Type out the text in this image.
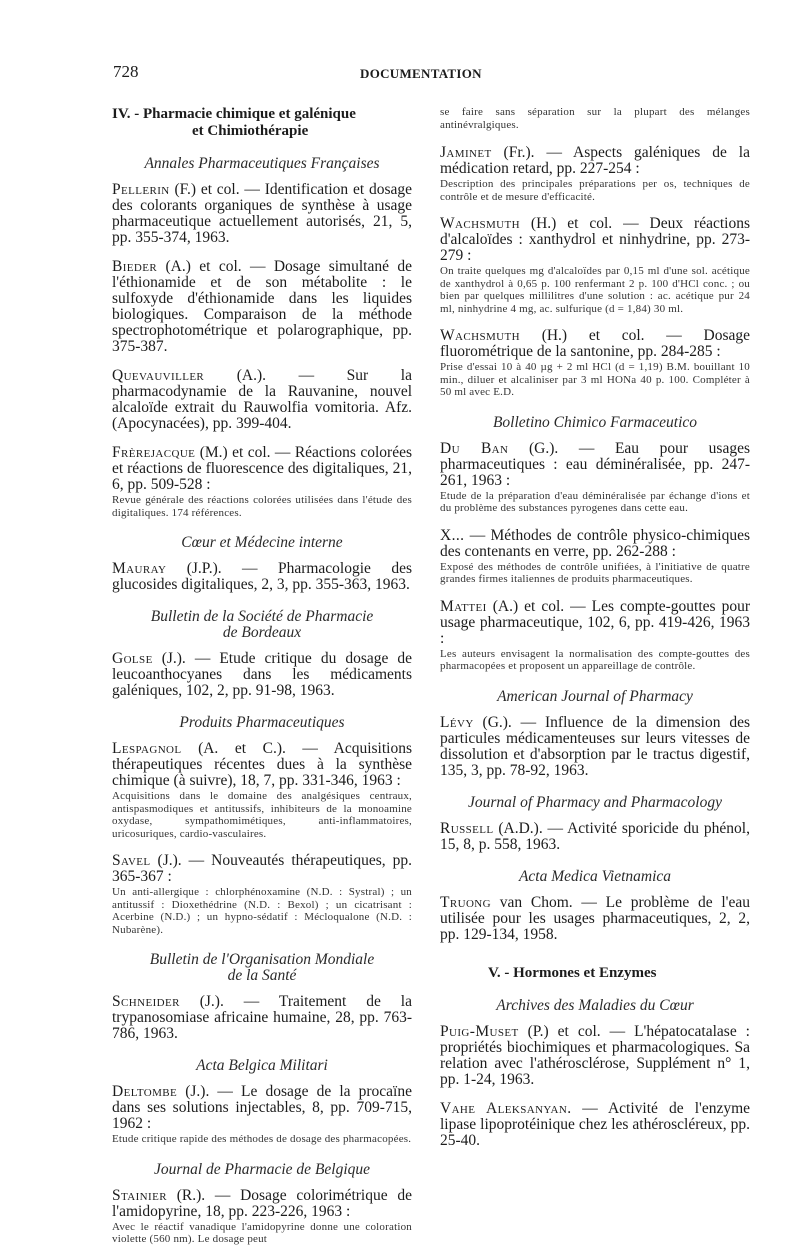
728	DOCUMENTATION
IV. - Pharmacie chimique et galénique
et Chimiothérapie
Annales Pharmaceutiques Françaises
Pellerin (F.) et col. — Identification et dosage des colorants organiques de synthèse à usage pharmaceutique actuellement autorisés, 21, 5, pp. 355-374, 1963.
Bieder (A.) et col. — Dosage simultané de l'éthionamide et de son métabolite : le sulfoxyde d'éthionamide dans les liquides biologiques. Comparaison de la méthode spectrophotométrique et polarographique, pp. 375-387.
Quevauviller (A.). — Sur la pharmacodynamie de la Rauvanine, nouvel alcaloïde extrait du Rauwolfia vomitoria. Afz. (Apocynacées), pp. 399-404.
Frèrejacque (M.) et col. — Réactions colorées et réactions de fluorescence des digitaliques, 21, 6, pp. 509-528 :
Revue générale des réactions colorées utilisées dans l'étude des digitaliques. 174 références.
Cœur et Médecine interne
Mauray (J.P.). — Pharmacologie des glucosides digitaliques, 2, 3, pp. 355-363, 1963.
Bulletin de la Société de Pharmacie
de Bordeaux
Golse (J.). — Etude critique du dosage de leucoanthocyanes dans les médicaments galéniques, 102, 2, pp. 91-98, 1963.
Produits Pharmaceutiques
Lespagnol (A. et C.). — Acquisitions thérapeutiques récentes dues à la synthèse chimique (à suivre), 18, 7, pp. 331-346, 1963 :
Acquisitions dans le domaine des analgésiques centraux, antispasmodiques et antitussifs, inhibiteurs de la monoamine oxydase, sympathomimétiques, anti-inflammatoires, uricosuriques, cardio-vasculaires.
Savel (J.). — Nouveautés thérapeutiques, pp. 365-367 :
Un anti-allergique : chlorphénoxamine (N.D. : Systral) ; un antitussif : Dioxethédrine (N.D. : Bexol) ; un cicatrisant : Acerbine (N.D.) ; un hypno-sédatif : Mécloqualone (N.D. : Nubarène).
Bulletin de l'Organisation Mondiale
de la Santé
Schneider (J.). — Traitement de la trypanosomiase africaine humaine, 28, pp. 763-786, 1963.
Acta Belgica Militari
Deltombe (J.). — Le dosage de la procaïne dans ses solutions injectables, 8, pp. 709-715, 1962 :
Etude critique rapide des méthodes de dosage des pharmacopées.
Journal de Pharmacie de Belgique
Stainier (R.). — Dosage colorimétrique de l'amidopyrine, 18, pp. 223-226, 1963 :
Avec le réactif vanadique l'amidopyrine donne une coloration violette (560 nm). Le dosage peut
se faire sans séparation sur la plupart des mélanges antinévralgiques.
Jaminet (Fr.). — Aspects galéniques de la médication retard, pp. 227-254 :
Description des principales préparations per os, techniques de contrôle et de mesure d'efficacité.
Wachsmuth (H.) et col. — Deux réactions d'alcaloïdes : xanthydrol et ninhydrine, pp. 273-279 :
On traite quelques mg d'alcaloïdes par 0,15 ml d'une sol. acétique de xanthydrol à 0,65 p. 100 renfermant 2 p. 100 d'HCl conc. ; ou bien par quelques millilitres d'une solution : ac. acétique pur 24 ml, ninhydrine 4 mg, ac. sulfurique (d = 1,84) 30 ml.
Wachsmuth (H.) et col. — Dosage fluorométrique de la santonine, pp. 284-285 :
Prise d'essai 10 à 40 µg + 2 ml HCl (d = 1,19) B.M. bouillant 10 min., diluer et alcaliniser par 3 ml HONa 40 p. 100. Compléter à 50 ml avec E.D.
Bolletino Chimico Farmaceutico
Du Ban (G.). — Eau pour usages pharmaceutiques : eau déminéralisée, pp. 247-261, 1963 :
Etude de la préparation d'eau déminéralisée par échange d'ions et du problème des substances pyrogenes dans cette eau.
X... — Méthodes de contrôle physico-chimiques des contenants en verre, pp. 262-288 :
Exposé des méthodes de contrôle unifiées, à l'initiative de quatre grandes firmes italiennes de produits pharmaceutiques.
Mattei (A.) et col. — Les compte-gouttes pour usage pharmaceutique, 102, 6, pp. 419-426, 1963 :
Les auteurs envisagent la normalisation des compte-gouttes des pharmacopées et proposent un appareillage de contrôle.
American Journal of Pharmacy
Lévy (G.). — Influence de la dimension des particules médicamenteuses sur leurs vitesses de dissolution et d'absorption par le tractus digestif, 135, 3, pp. 78-92, 1963.
Journal of Pharmacy and Pharmacology
Russell (A.D.). — Activité sporicide du phénol, 15, 8, p. 558, 1963.
Acta Medica Vietnamica
Truong van Chom. — Le problème de l'eau utilisée pour les usages pharmaceutiques, 2, 2, pp. 129-134, 1958.
V. - Hormones et Enzymes
Archives des Maladies du Cœur
Puig-Muset (P.) et col. — L'hépatocatalase : propriétés biochimiques et pharmacologiques. Sa relation avec l'athérosclérose, Supplément n° 1, pp. 1-24, 1963.
Vahe Aleksanyan. — Activité de l'enzyme lipase lipoprotéinique chez les athéroscléreux, pp. 25-40.
